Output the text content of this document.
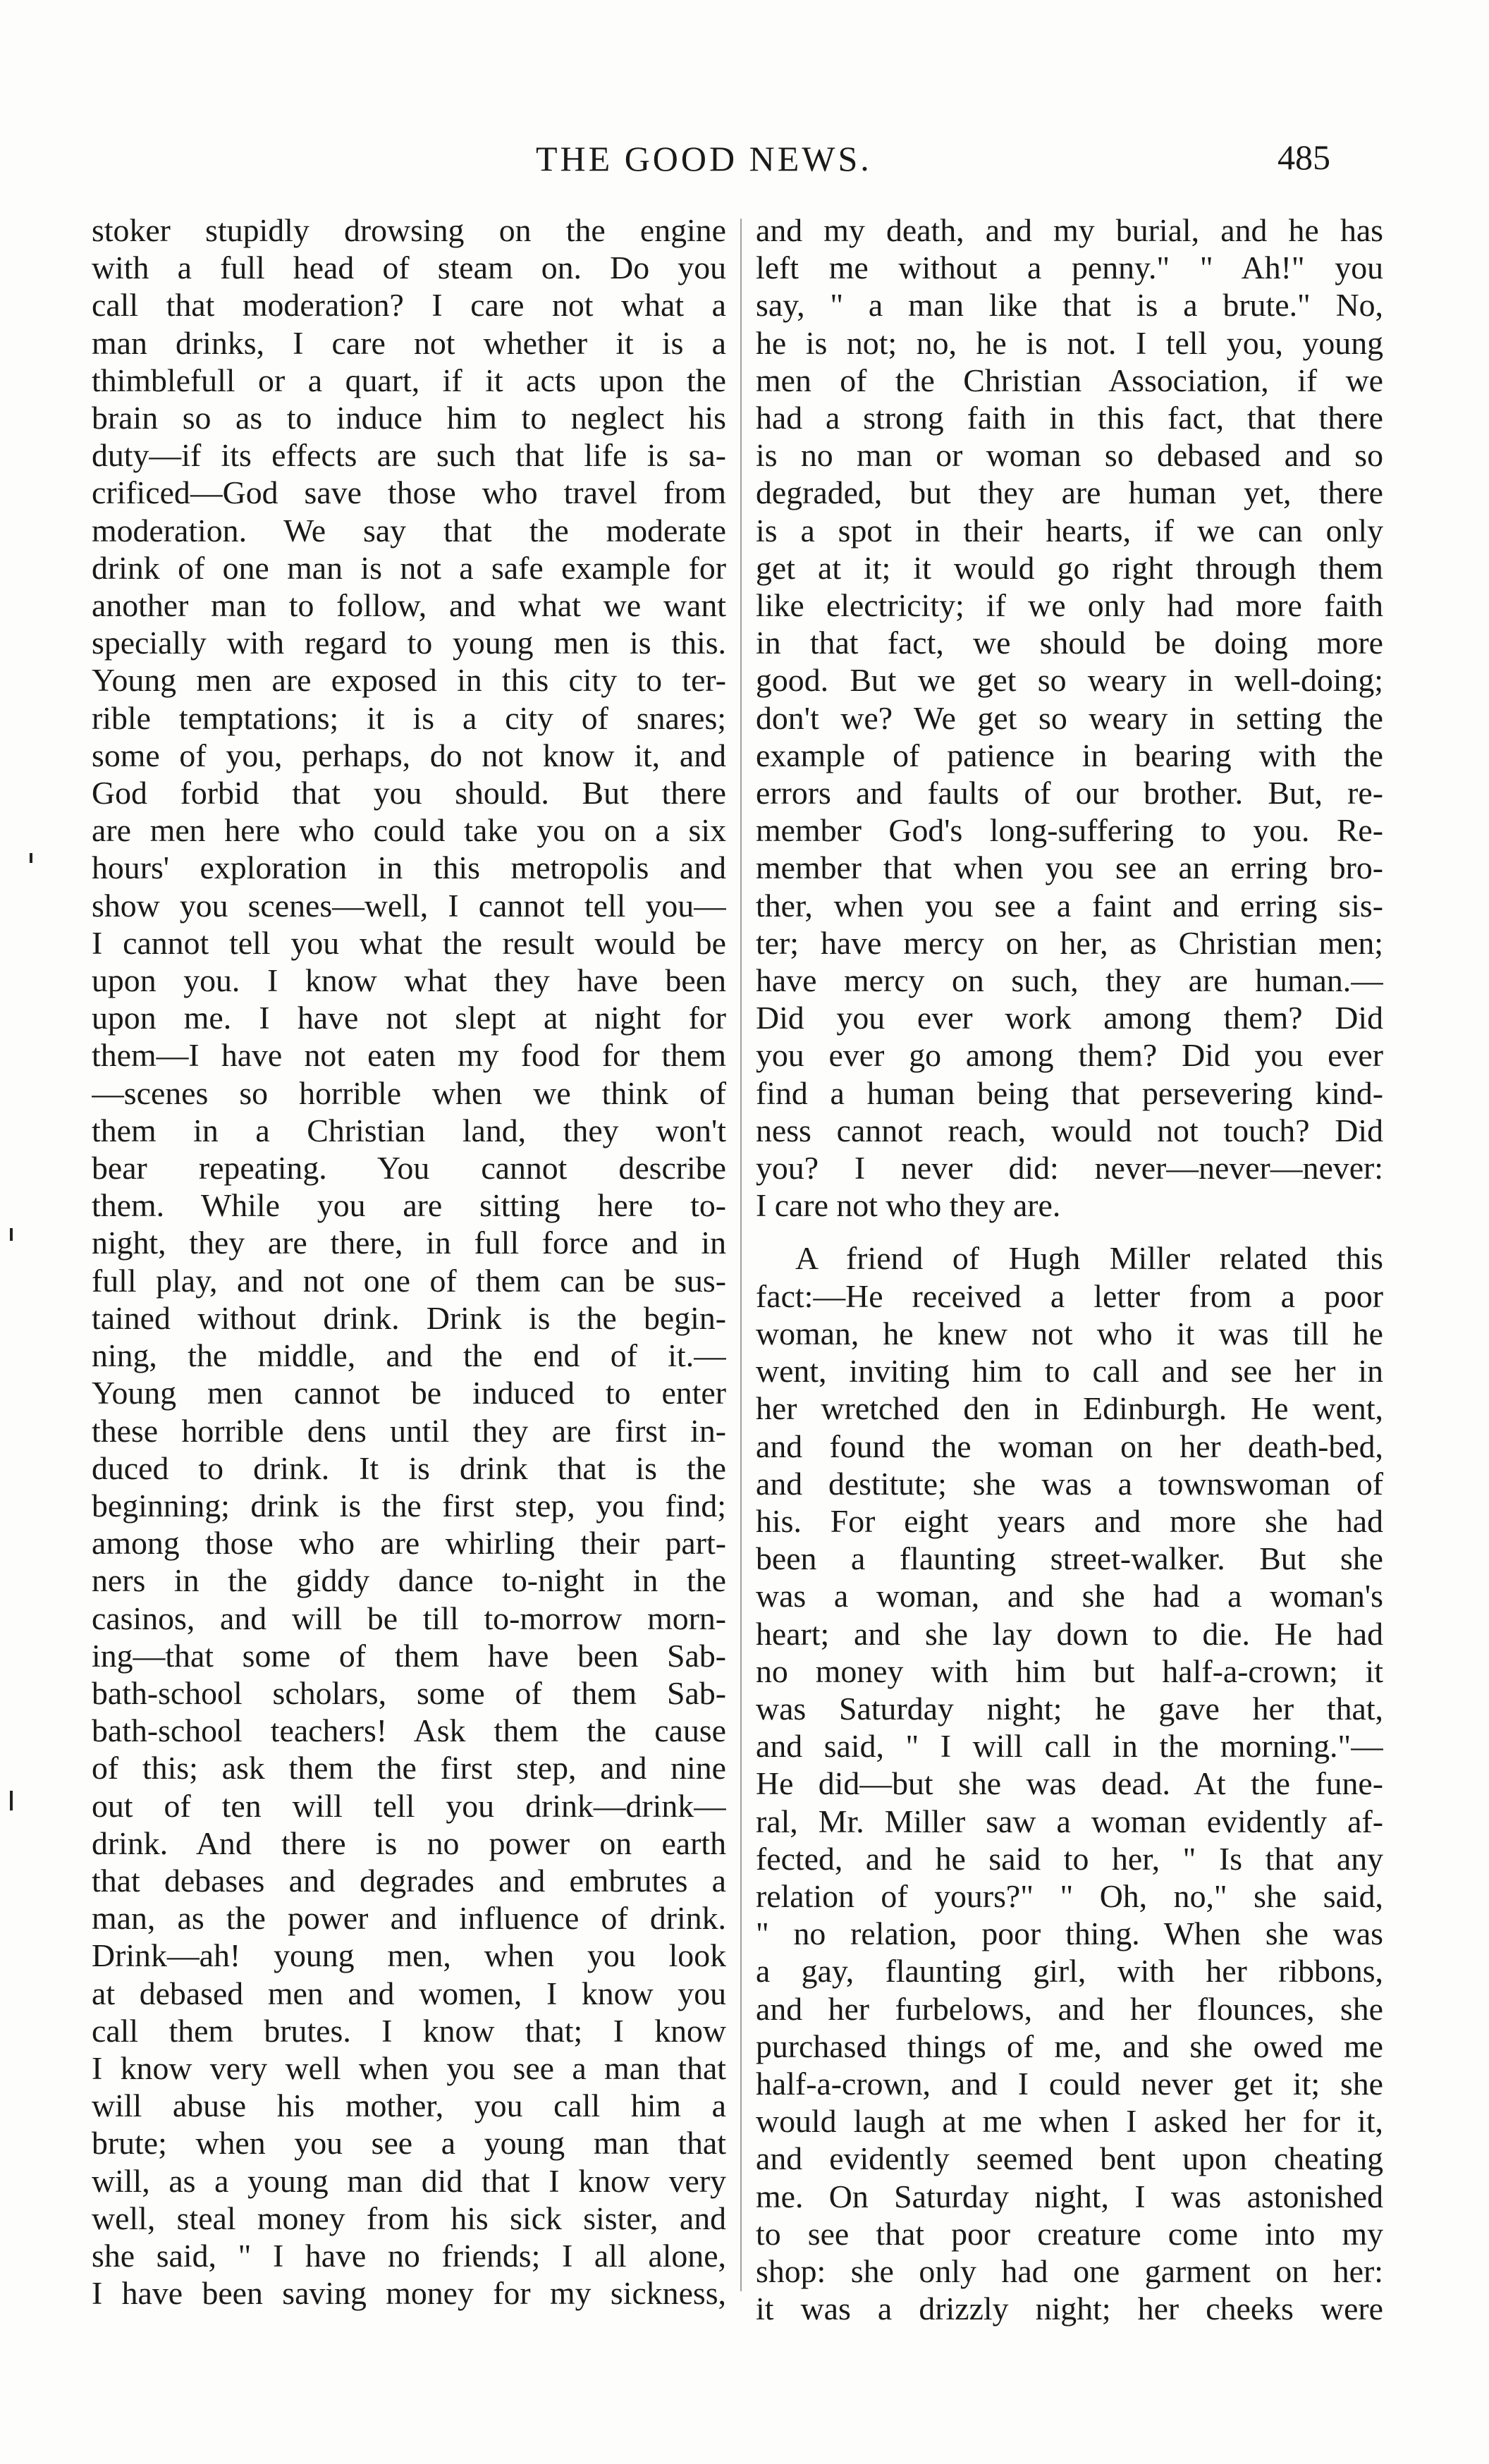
THE GOOD NEWS.	485
stoker stupidly drowsing on the engine
with a full head of steam on. Do you
call that moderation? I care not what a
man drinks, I care not whether it is a
thimblefull or a quart, if it acts upon the
brain so as to induce him to neglect his
duty—if its effects are such that life is sa-
crificed—God save those who travel from
moderation. We say that the moderate
drink of one man is not a safe example for
another man to follow, and what we want
specially with regard to young men is this.
Young men are exposed in this city to ter-
rible temptations; it is a city of snares;
some of you, perhaps, do not know it, and
God forbid that you should. But there
are men here who could take you on a six
hours' exploration in this metropolis and
show you scenes—well, I cannot tell you—
I cannot tell you what the result would be
upon you. I know what they have been
upon me. I have not slept at night for
them—I have not eaten my food for them
—scenes so horrible when we think of
them in a Christian land, they won't
bear repeating. You cannot describe
them. While you are sitting here to-
night, they are there, in full force and in
full play, and not one of them can be sus-
tained without drink. Drink is the begin-
ning, the middle, and the end of it.—
Young men cannot be induced to enter
these horrible dens until they are first in-
duced to drink. It is drink that is the
beginning; drink is the first step, you find;
among those who are whirling their part-
ners in the giddy dance to-night in the
casinos, and will be till to-morrow morn-
ing—that some of them have been Sab-
bath-school scholars, some of them Sab-
bath-school teachers! Ask them the cause
of this; ask them the first step, and nine
out of ten will tell you drink—drink—
drink. And there is no power on earth
that debases and degrades and embrutes a
man, as the power and influence of drink.
Drink—ah! young men, when you look
at debased men and women, I know you
call them brutes. I know that; I know
I know very well when you see a man that
will abuse his mother, you call him a
brute; when you see a young man that
will, as a young man did that I know very
well, steal money from his sick sister, and
she said, " I have no friends; I all alone,
I have been saving money for my sickness,
and my death, and my burial, and he has
left me without a penny." " Ah!" you
say, " a man like that is a brute." No,
he is not; no, he is not. I tell you, young
men of the Christian Association, if we
had a strong faith in this fact, that there
is no man or woman so debased and so
degraded, but they are human yet, there
is a spot in their hearts, if we can only
get at it; it would go right through them
like electricity; if we only had more faith
in that fact, we should be doing more
good. But we get so weary in well-doing;
don't we? We get so weary in setting the
example of patience in bearing with the
errors and faults of our brother. But, re-
member God's long-suffering to you. Re-
member that when you see an erring bro-
ther, when you see a faint and erring sis-
ter; have mercy on her, as Christian men;
have mercy on such, they are human.—
Did you ever work among them? Did
you ever go among them? Did you ever
find a human being that persevering kind-
ness cannot reach, would not touch? Did
you? I never did: never—never—never:
I care not who they are.
A friend of Hugh Miller related this
fact:—He received a letter from a poor
woman, he knew not who it was till he
went, inviting him to call and see her in
her wretched den in Edinburgh. He went,
and found the woman on her death-bed,
and destitute; she was a townswoman of
his. For eight years and more she had
been a flaunting street-walker. But she
was a woman, and she had a woman's
heart; and she lay down to die. He had
no money with him but half-a-crown; it
was Saturday night; he gave her that,
and said, " I will call in the morning."—
He did—but she was dead. At the fune-
ral, Mr. Miller saw a woman evidently af-
fected, and he said to her, " Is that any
relation of yours?" " Oh, no," she said,
" no relation, poor thing. When she was
a gay, flaunting girl, with her ribbons,
and her furbelows, and her flounces, she
purchased things of me, and she owed me
half-a-crown, and I could never get it; she
would laugh at me when I asked her for it,
and evidently seemed bent upon cheating
me. On Saturday night, I was astonished
to see that poor creature come into my
shop: she only had one garment on her:
it was a drizzly night; her cheeks were
